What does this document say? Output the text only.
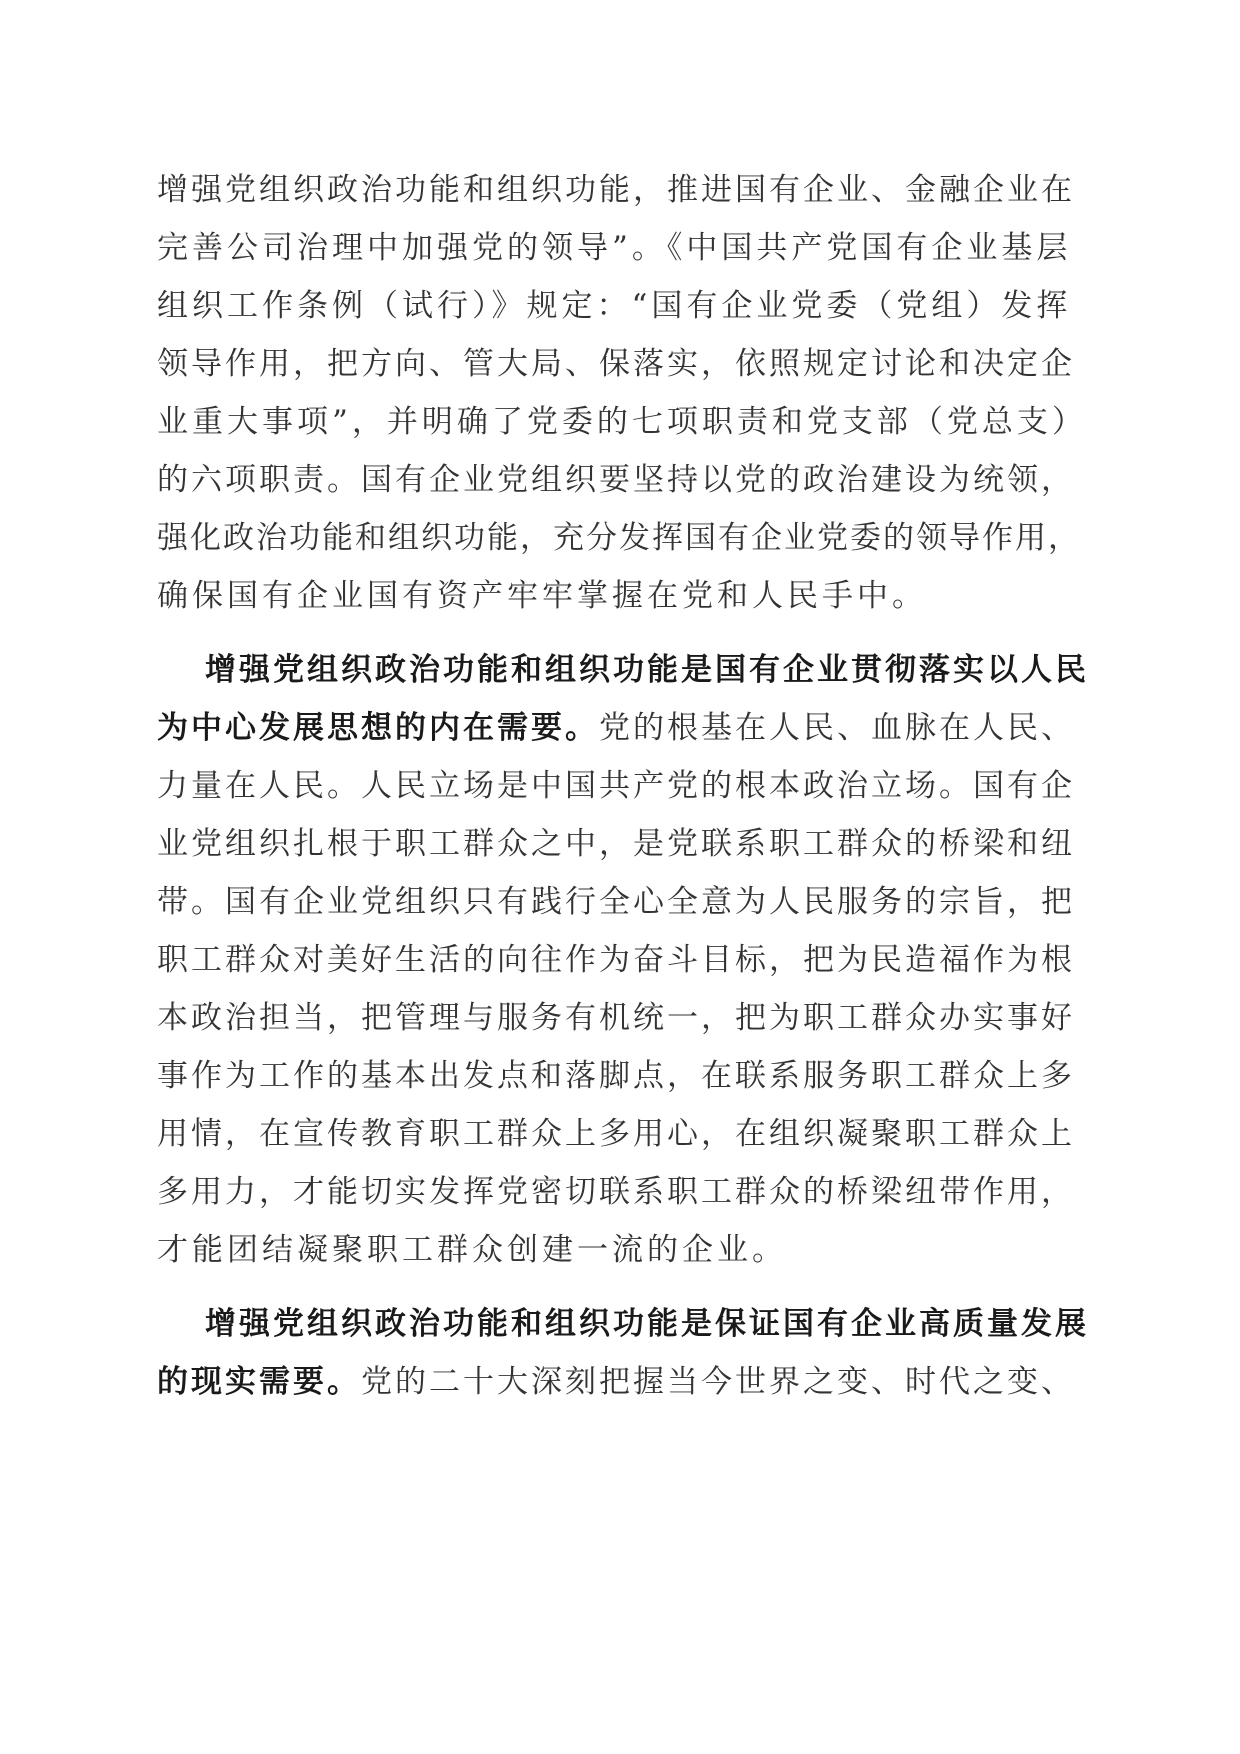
增强党组织政治功能和组织功能，推进国有企业、金融企业在
完善公司治理中加强党的领导”。《中国共产党国有企业基层
组织工作条例（试行）》规定：“国有企业党委（党组）发挥
领导作用，把方向、管大局、保落实，依照规定讨论和决定企
业重大事项”，并明确了党委的七项职责和党支部（党总支）
的六项职责。国有企业党组织要坚持以党的政治建设为统领，
强化政治功能和组织功能，充分发挥国有企业党委的领导作用，
确保国有企业国有资产牢牢掌握在党和人民手中。
增强党组织政治功能和组织功能是国有企业贯彻落实以人民
为中心发展思想的内在需要。党的根基在人民、血脉在人民、
力量在人民。人民立场是中国共产党的根本政治立场。国有企
业党组织扎根于职工群众之中，是党联系职工群众的桥梁和纽
带。国有企业党组织只有践行全心全意为人民服务的宗旨，把
职工群众对美好生活的向往作为奋斗目标，把为民造福作为根
本政治担当，把管理与服务有机统一，把为职工群众办实事好
事作为工作的基本出发点和落脚点，在联系服务职工群众上多
用情，在宣传教育职工群众上多用心，在组织凝聚职工群众上
多用力，才能切实发挥党密切联系职工群众的桥梁纽带作用，
才能团结凝聚职工群众创建一流的企业。
增强党组织政治功能和组织功能是保证国有企业高质量发展
的现实需要。党的二十大深刻把握当今世界之变、时代之变、
